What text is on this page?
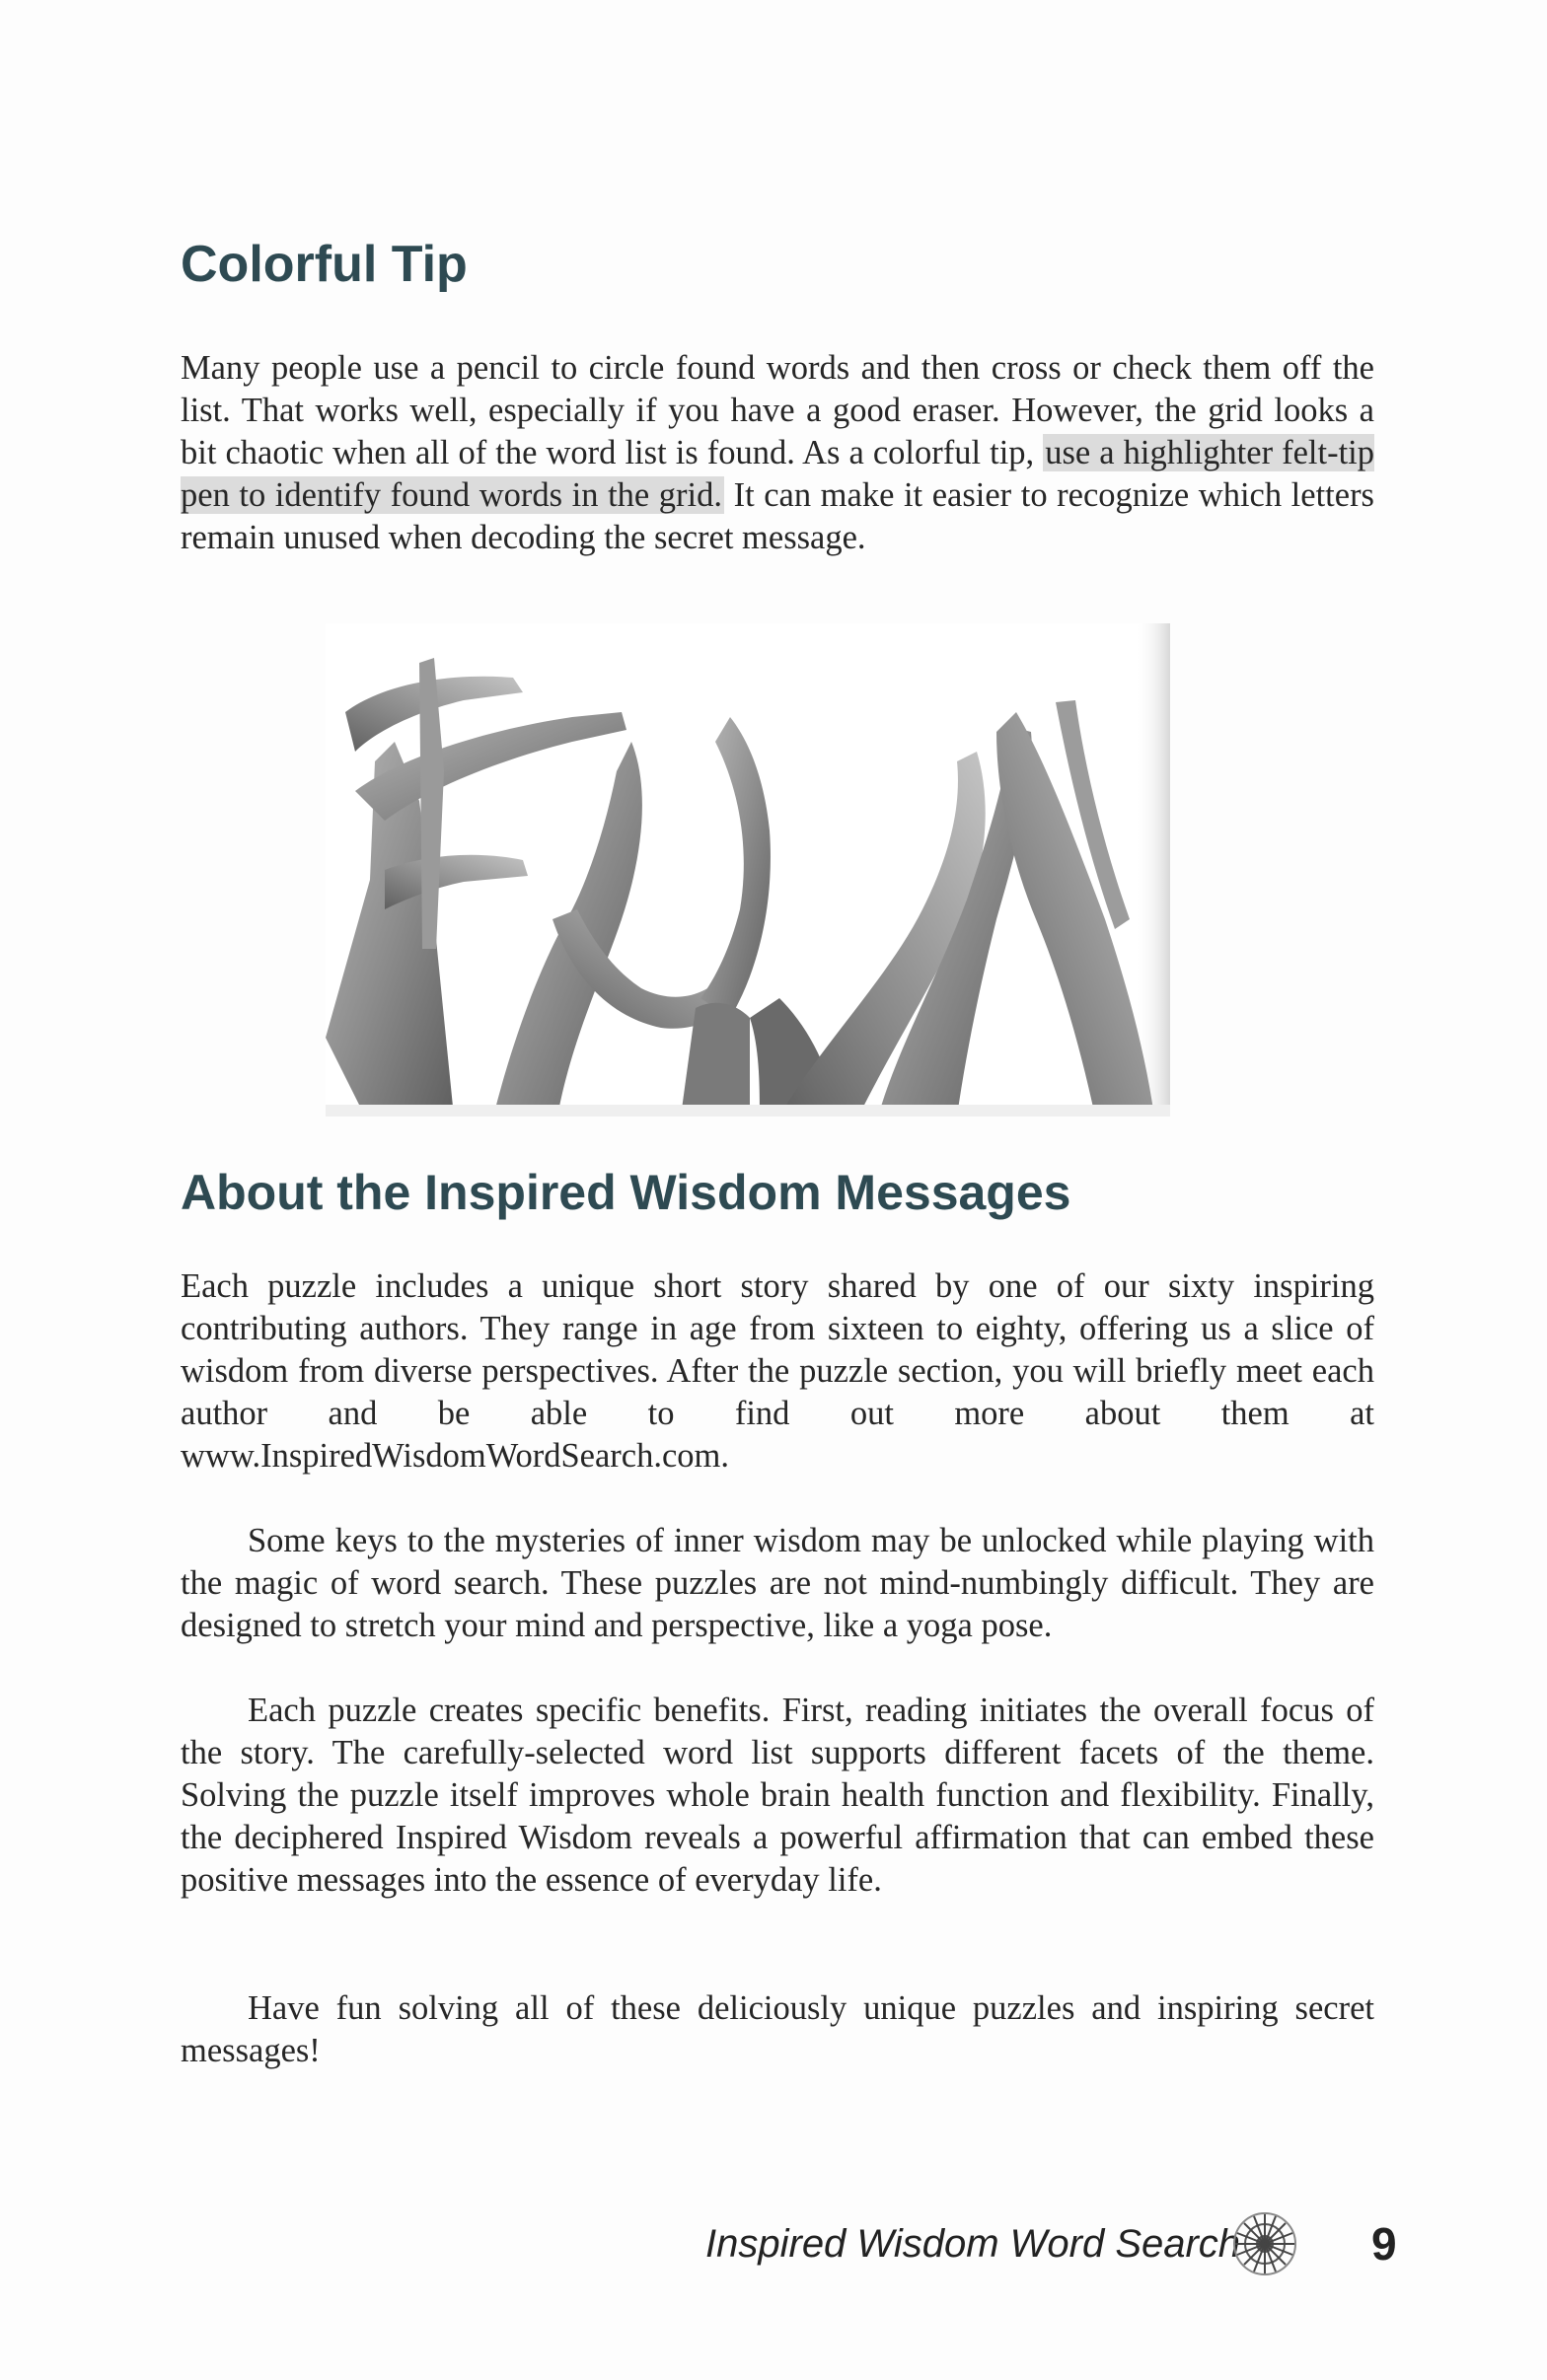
Colorful Tip

Many people use a pencil to circle found words and then cross or check them off the list. That works well, especially if you have a good eraser. However, the grid looks a bit chaotic when all of the word list is found. As a colorful tip, use a highlighter felt-tip pen to identify found words in the grid. It can make it easier to recognize which letters remain unused when decoding the secret message.

About the Inspired Wisdom Messages

Each puzzle includes a unique short story shared by one of our sixty inspiring contributing authors. They range in age from sixteen to eighty, offering us a slice of wisdom from diverse perspectives. After the puzzle section, you will briefly meet each author and be able to find out more about them at www.InspiredWisdomWordSearch.com.

Some keys to the mysteries of inner wisdom may be unlocked while playing with the magic of word search. These puzzles are not mind-numbingly difficult. They are designed to stretch your mind and perspective, like a yoga pose.

Each puzzle creates specific benefits. First, reading initiates the overall focus of the story. The carefully-selected word list supports different facets of the theme. Solving the puzzle itself improves whole brain health function and flexibility. Finally, the deciphered Inspired Wisdom reveals a powerful affirmation that can embed these positive messages into the essence of everyday life.

Have fun solving all of these deliciously unique puzzles and inspiring secret messages!

Inspired Wisdom Word Search	9
